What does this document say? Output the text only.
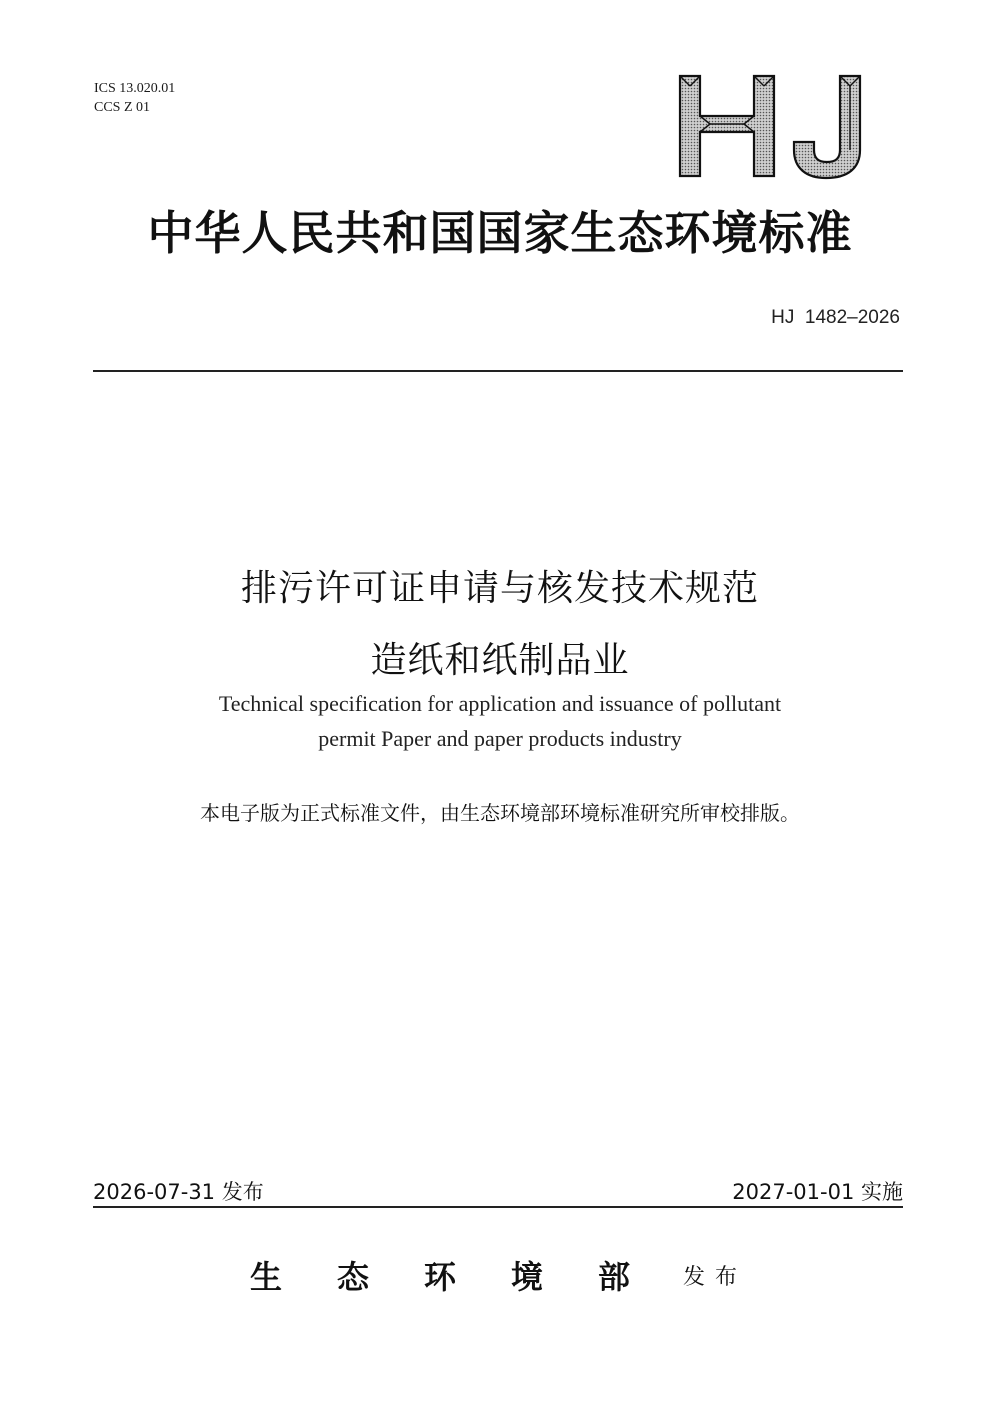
ICS 13.020.01
CCS Z 01
中华人民共和国国家生态环境标准
HJ  1482–2026
排污许可证申请与核发技术规范
造纸和纸制品业
Technical specification for application and issuance of pollutant
permit Paper and paper products industry
本电子版为正式标准文件，由生态环境部环境标准研究所审校排版。
2026-07-31 发布	2027-01-01 实施
生态环境部
发布
